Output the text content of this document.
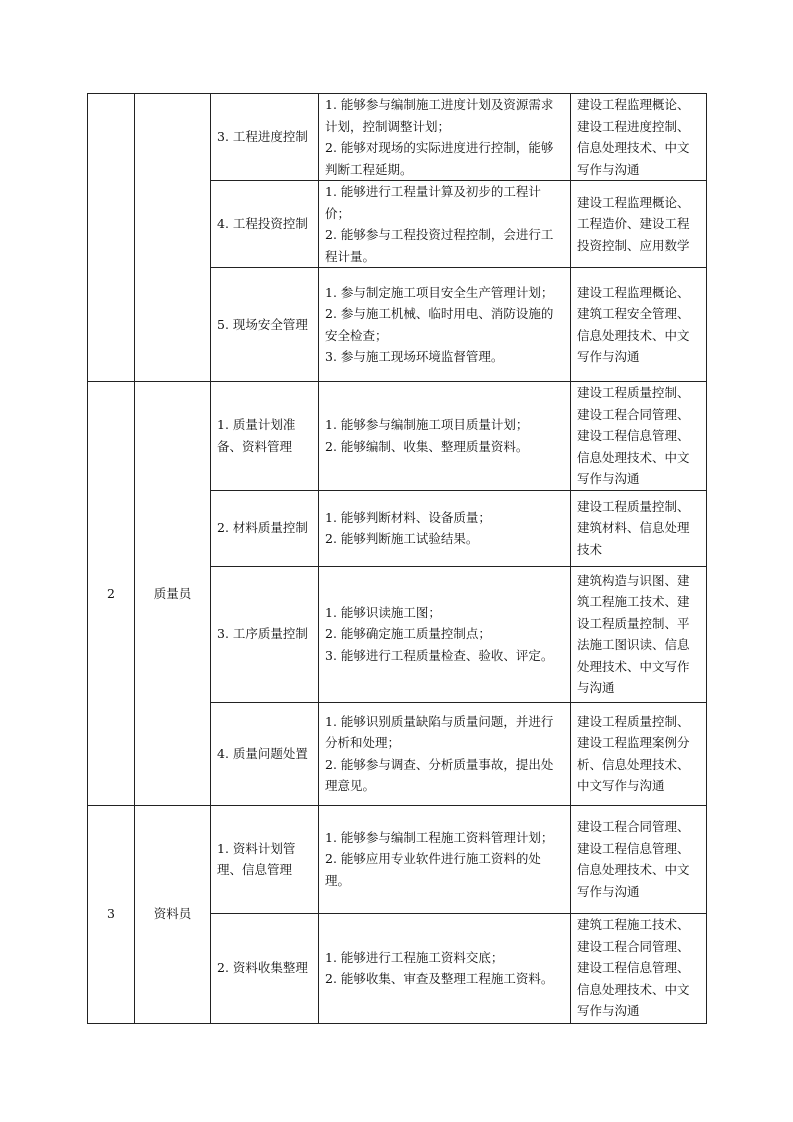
		3. 工程进度控制	1. 能够参与编制施工进度计划及资源需求计划，控制调整计划；
2. 能够对现场的实际进度进行控制，能够判断工程延期。	建设工程监理概论、建设工程进度控制、信息处理技术、中文写作与沟通
		4. 工程投资控制	1. 能够进行工程量计算及初步的工程计价；
2. 能够参与工程投资过程控制，会进行工程计量。	建设工程监理概论、工程造价、建设工程投资控制、应用数学
		5. 现场安全管理	1. 参与制定施工项目安全生产管理计划；
2. 参与施工机械、临时用电、消防设施的安全检查；
3. 参与施工现场环境监督管理。	建设工程监理概论、建筑工程安全管理、信息处理技术、中文写作与沟通
2	质量员	1. 质量计划准备、资料管理	1. 能够参与编制施工项目质量计划；
2. 能够编制、收集、整理质量资料。	建设工程质量控制、建设工程合同管理、建设工程信息管理、信息处理技术、中文写作与沟通
		2. 材料质量控制	1. 能够判断材料、设备质量；
2. 能够判断施工试验结果。	建设工程质量控制、建筑材料、信息处理技术
		3. 工序质量控制	1. 能够识读施工图；
2. 能够确定施工质量控制点；
3. 能够进行工程质量检查、验收、评定。	建筑构造与识图、建筑工程施工技术、建设工程质量控制、平法施工图识读、信息处理技术、中文写作与沟通
		4. 质量问题处置	1. 能够识别质量缺陷与质量问题，并进行分析和处理；
2. 能够参与调查、分析质量事故，提出处理意见。	建设工程质量控制、建设工程监理案例分析、信息处理技术、中文写作与沟通
3	资料员	1. 资料计划管理、信息管理	1. 能够参与编制工程施工资料管理计划；
2. 能够应用专业软件进行施工资料的处理。	建设工程合同管理、建设工程信息管理、信息处理技术、中文写作与沟通
		2. 资料收集整理	1. 能够进行工程施工资料交底；
2. 能够收集、审查及整理工程施工资料。	建筑工程施工技术、建设工程合同管理、建设工程信息管理、信息处理技术、中文写作与沟通
